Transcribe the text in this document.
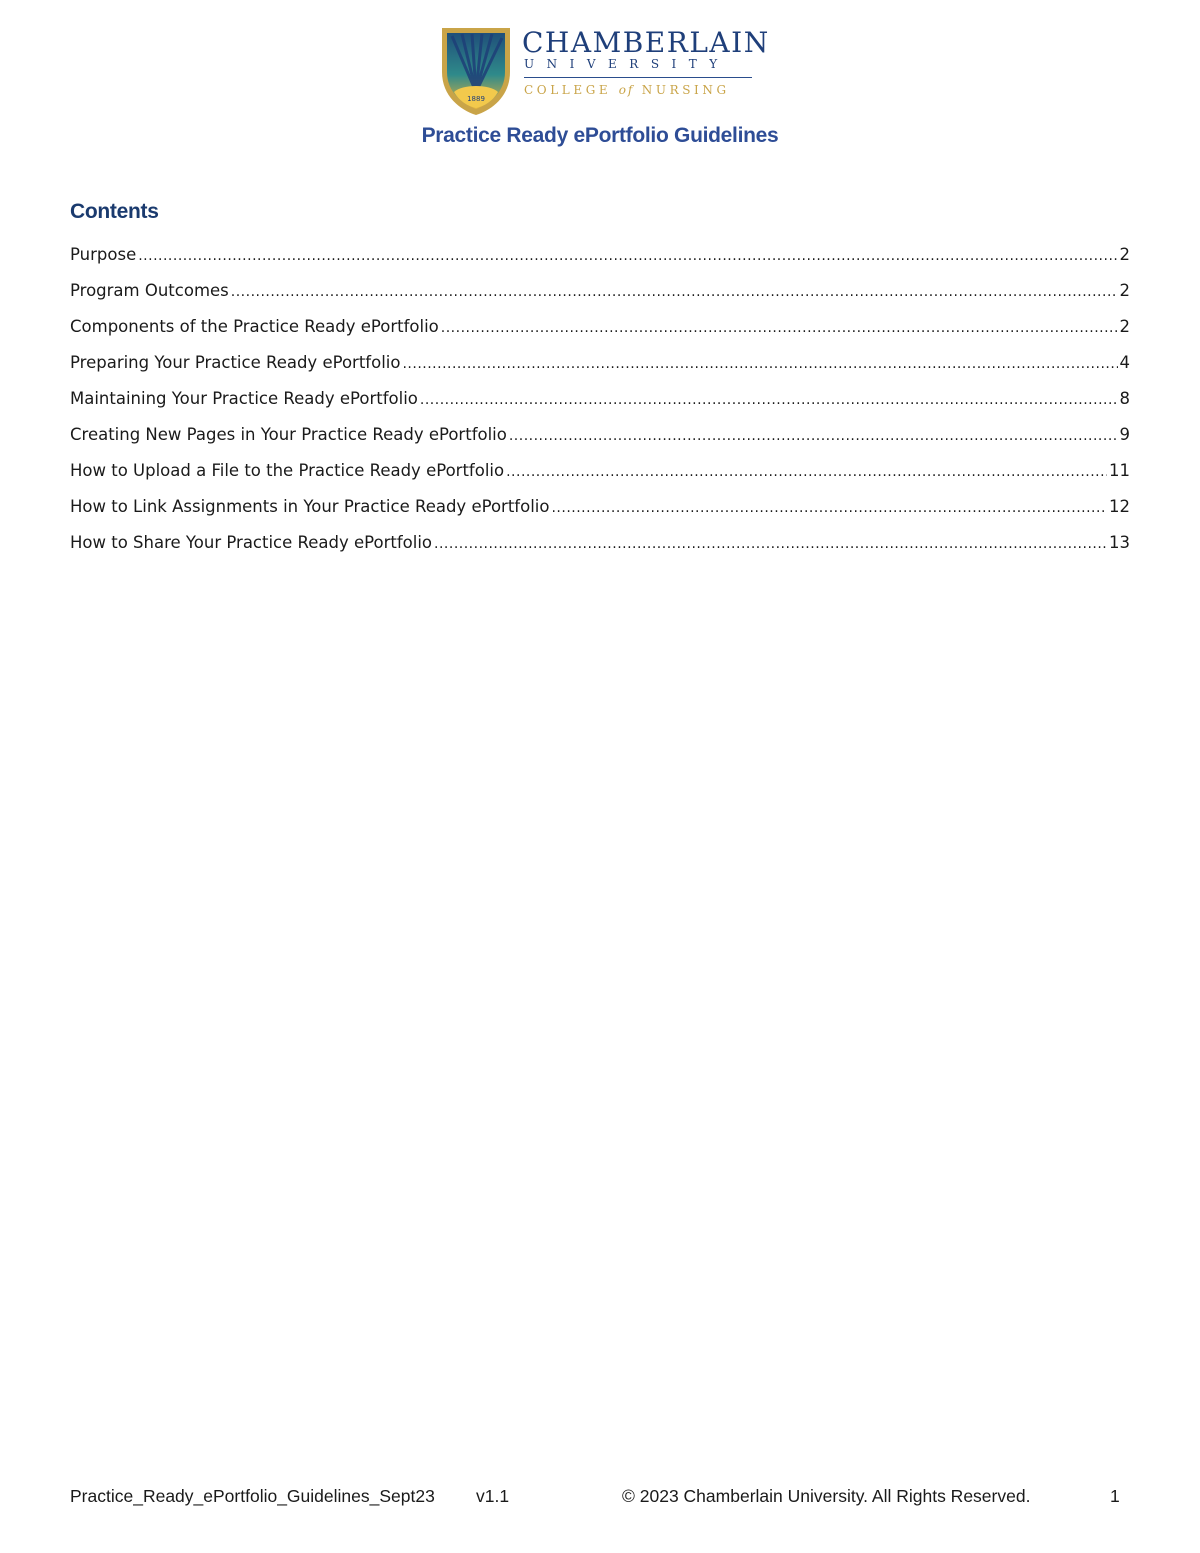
1889
CHAMBERLAIN
UNIVERSITY
COLLEGE of NURSING
Practice Ready ePortfolio Guidelines
Contents
Purpose .....	2
Program Outcomes .....	2
Components of the Practice Ready ePortfolio .....	2
Preparing Your Practice Ready ePortfolio .....	4
Maintaining Your Practice Ready ePortfolio .....	8
Creating New Pages in Your Practice Ready ePortfolio .....	9
How to Upload a File to the Practice Ready ePortfolio .....	11
How to Link Assignments in Your Practice Ready ePortfolio .....	12
How to Share Your Practice Ready ePortfolio .....	13
Practice_Ready_ePortfolio_Guidelines_Sept23 v1.1	© 2023 Chamberlain University. All Rights Reserved.	1
